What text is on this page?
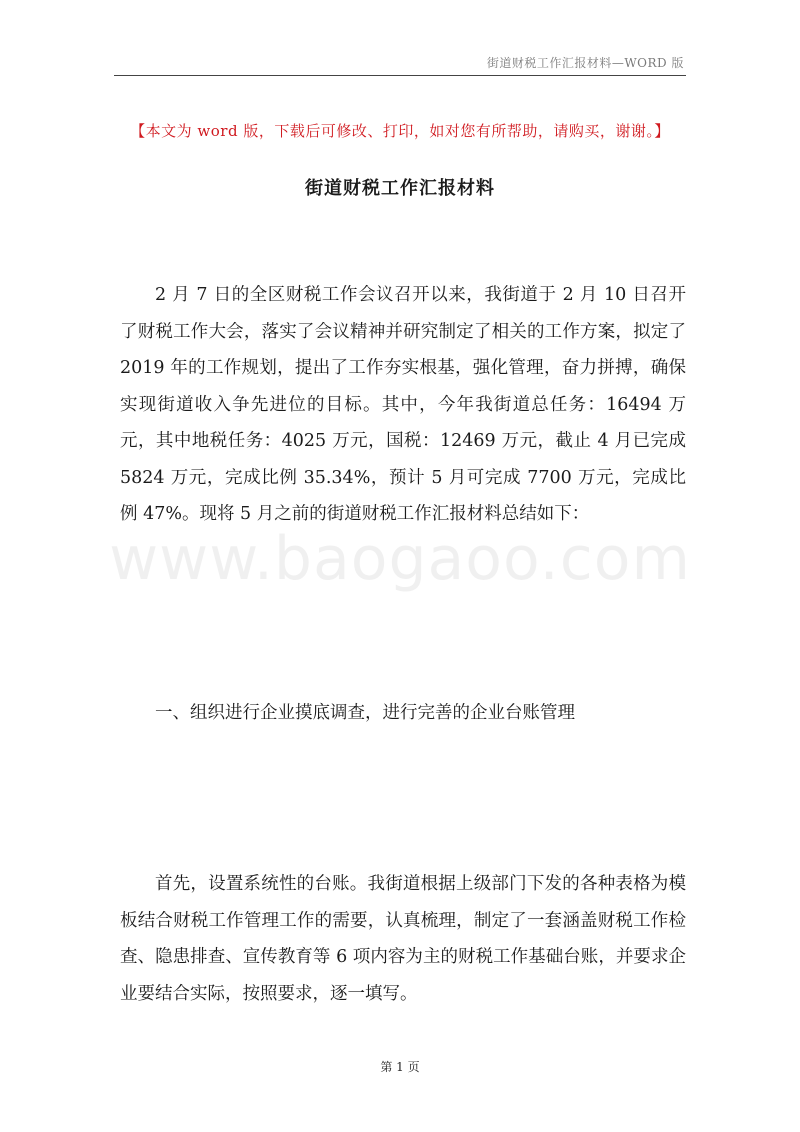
街道财税工作汇报材料—WORD 版
【本文为 word 版，下载后可修改、打印，如对您有所帮助，请购买，谢谢。】
街道财税工作汇报材料
www.baogaoo.com

2 月 7 日的全区财税工作会议召开以来，我街道于 2 月 10 日召开了财税工作大会，落实了会议精神并研究制定了相关的工作方案，拟定了 2019 年的工作规划，提出了工作夯实根基，强化管理，奋力拼搏，确保实现街道收入争先进位的目标。其中，今年我街道总任务：16494 万元，其中地税任务：4025 万元，国税：12469 万元，截止 4 月已完成 5824 万元，完成比例 35.34%，预计 5 月可完成 7700 万元，完成比例 47%。现将 5 月之前的街道财税工作汇报材料总结如下：

一、组织进行企业摸底调查，进行完善的企业台账管理

首先，设置系统性的台账。我街道根据上级部门下发的各种表格为模板结合财税工作管理工作的需要，认真梳理，制定了一套涵盖财税工作检查、隐患排查、宣传教育等 6 项内容为主的财税工作基础台账，并要求企业要结合实际，按照要求，逐一填写。

第 1 页
